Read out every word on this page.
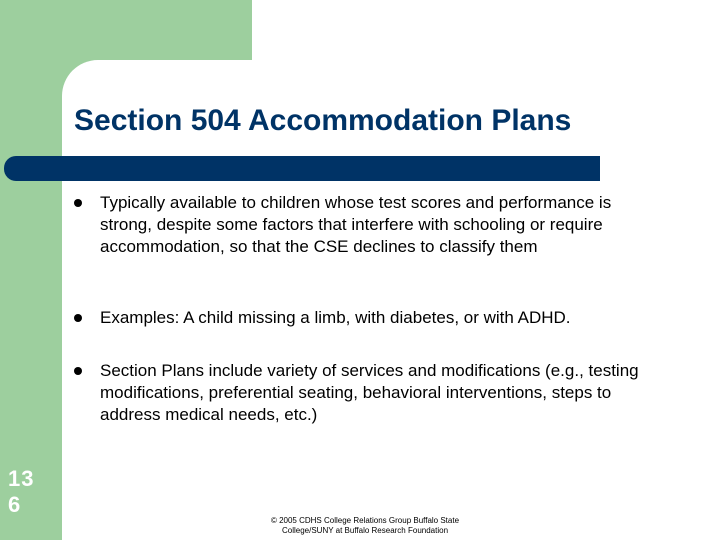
Section 504 Accommodation Plans
Typically available to children whose test scores and performance is strong, despite some factors that interfere with schooling or require accommodation, so that the CSE declines to classify them
Examples: A child missing a limb, with diabetes, or with ADHD.
Section Plans include variety of services and modifications (e.g., testing modifications, preferential seating, behavioral interventions, steps to address medical needs, etc.)
13
6
© 2005 CDHS College Relations Group Buffalo State
College/SUNY at Buffalo Research Foundation
